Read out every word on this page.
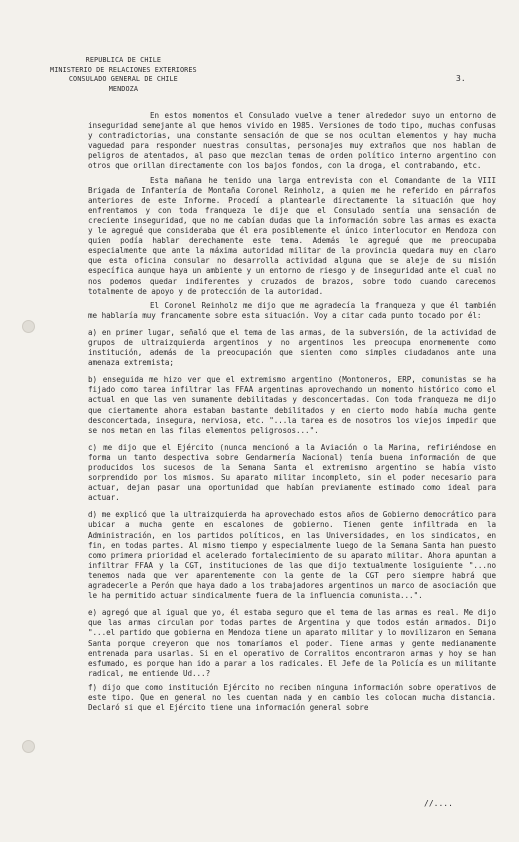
REPUBLICA DE CHILE
MINISTERIO DE RELACIONES EXTERIORES
CONSULADO GENERAL DE CHILE
MENDOZA
3.

En estos momentos el Consulado vuelve a tener alrededor suyo un entorno de inseguridad semejante al que hemos vivido en 1985. Versiones de todo tipo, muchas confusas y contradictorias, una constante sensación de que se nos ocultan elementos y hay mucha vaguedad para responder nuestras consultas, personajes muy extraños que nos hablan de peligros de atentados, al paso que mezclan temas de orden político interno argentino con otros que orillan directamente con los bajos fondos, con la droga, el contrabando, etc.

Esta mañana he tenido una larga entrevista con el Comandante de la VIII Brigada de Infantería de Montaña Coronel Reinholz, a quien me he referido en párrafos anteriores de este Informe. Procedí a plantearle directamente la situación que hoy enfrentamos y con toda franqueza le dije que el Consulado sentía una sensación de creciente inseguridad, que no me cabían dudas que la información sobre las armas es exacta y le agregué que consideraba que él era posiblemente el único interlocutor en Mendoza con quien podía hablar derechamente este tema. Además le agregué que me preocupaba especialmente que ante la máxima autoridad militar de la provincia quedara muy en claro que esta oficina consular no desarrolla actividad alguna que se aleje de su misión específica aunque haya un ambiente y un entorno de riesgo y de inseguridad ante el cual no nos podemos quedar indiferentes y cruzados de brazos, sobre todo cuando carecemos totalmente de apoyo y de protección de la autoridad.

El Coronel Reinholz me dijo que me agradecía la franqueza y que él también me hablaría muy francamente sobre esta situación. Voy a citar cada punto tocado por él:

a) en primer lugar, señaló que el tema de las armas, de la subversión, de la actividad de grupos de ultraizquierda argentinos y no argentinos les preocupa enormemente como institución, además de la preocupación que sienten como simples ciudadanos ante una amenaza extremista;

b) enseguida me hizo ver que el extremismo argentino (Montoneros, ERP, comunistas se ha fijado como tarea infiltrar las FFAA argentinas aprovechando un momento histórico como el actual en que las ven sumamente debilitadas y desconcertadas. Con toda franqueza me dijo que ciertamente ahora estaban bastante debilitados y en cierto modo había mucha gente desconcertada, insegura, nerviosa, etc. "...la tarea es de nosotros los viejos impedir que se nos metan en las filas elementos peligrosos...".

c) me dijo que el Ejército (nunca mencionó a la Aviación o la Marina, refiriéndose en forma un tanto despectiva sobre Gendarmería Nacional) tenía buena información de que producidos los sucesos de la Semana Santa el extremismo argentino se había visto sorprendido por los mismos. Su aparato militar incompleto, sin el poder necesario para actuar, dejan pasar una oportunidad que habían previamente estimado como ideal para actuar.

d) me explicó que la ultraizquierda ha aprovechado estos años de Gobierno democrático para ubicar a mucha gente en escalones de gobierno. Tienen gente infiltrada en la Administración, en los partidos políticos, en las Universidades, en los sindicatos, en fin, en todas partes. Al mismo tiempo y especialmente luego de la Semana Santa han puesto como primera prioridad el acelerado fortalecimiento de su aparato militar. Ahora apuntan a infiltrar FFAA y la CGT, instituciones de las que dijo textualmente losiguiente "...no tenemos nada que ver aparentemente con la gente de la CGT pero siempre habrá que agradecerle a Perón que haya dado a los trabajadores argentinos un marco de asociación que le ha permitido actuar sindicalmente fuera de la influencia comunista...".

e) agregó que al igual que yo, él estaba seguro que el tema de las armas es real. Me dijo que las armas circulan por todas partes de Argentina y que todos están armados. Dijo "...el partido que gobierna en Mendoza tiene un aparato militar y lo movilizaron en Semana Santa porque creyeron que nos tomaríamos el poder. Tiene armas y gente medianamente entrenada para usarlas. Si en el operativo de Corralitos encontraron armas y hoy se han esfumado, es porque han ido a parar a los radicales. El Jefe de la Policía es un militante radical, me entiende Ud...?

f) dijo que como institución Ejército no reciben ninguna información sobre operativos de este tipo. Que en general no les cuentan nada y en cambio les colocan mucha distancia. Declaró si que el Ejército tiene una información general sobre

//....
